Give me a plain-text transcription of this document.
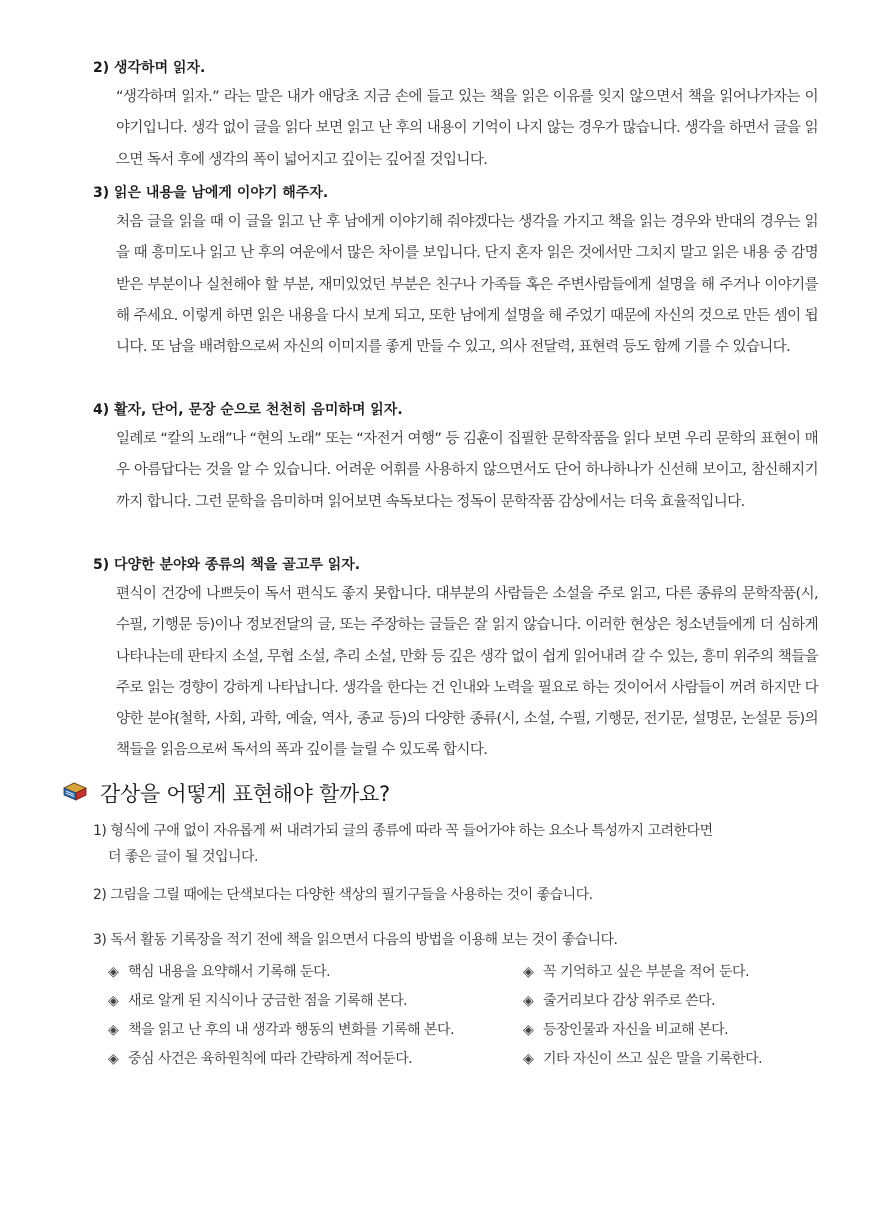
2) 생각하며 읽자.

“생각하며 읽자.” 라는 말은 내가 애당초 지금 손에 들고 있는 책을 읽은 이유를 잊지 않으면서 책을 읽어나가자는 이야기입니다. 생각 없이 글을 읽다 보면 읽고 난 후의 내용이 기억이 나지 않는 경우가 많습니다. 생각을 하면서 글을 읽으면 독서 후에 생각의 폭이 넓어지고 깊이는 깊어질 것입니다.

3) 읽은 내용을 남에게 이야기 해주자.

처음 글을 읽을 때 이 글을 읽고 난 후 남에게 이야기해 줘야겠다는 생각을 가지고 책을 읽는 경우와 반대의 경우는 읽을 때 흥미도나 읽고 난 후의 여운에서 많은 차이를 보입니다. 단지 혼자 읽은 것에서만 그치지 말고 읽은 내용 중 감명 받은 부분이나 실천해야 할 부분, 재미있었던 부분은 친구나 가족들 혹은 주변사람들에게 설명을 해 주거나 이야기를 해 주세요. 이렇게 하면 읽은 내용을 다시 보게 되고, 또한 남에게 설명을 해 주었기 때문에 자신의 것으로 만든 셈이 됩니다. 또 남을 배려함으로써 자신의 이미지를 좋게 만들 수 있고, 의사 전달력, 표현력 등도 함께 기를 수 있습니다.

4) 활자, 단어, 문장 순으로 천천히 음미하며 읽자.

일례로 “칼의 노래”나 “현의 노래” 또는 “자전거 여행” 등 김훈이 집필한 문학작품을 읽다 보면 우리 문학의 표현이 매우 아름답다는 것을 알 수 있습니다. 어려운 어휘를 사용하지 않으면서도 단어 하나하나가 신선해 보이고, 참신해지기까지 합니다. 그런 문학을 음미하며 읽어보면 속독보다는 정독이 문학작품 감상에서는 더욱 효율적입니다.

5) 다양한 분야와 종류의 책을 골고루 읽자.

편식이 건강에 나쁘듯이 독서 편식도 좋지 못합니다. 대부분의 사람들은 소설을 주로 읽고, 다른 종류의 문학작품(시, 수필, 기행문 등)이나 정보전달의 글, 또는 주장하는 글들은 잘 읽지 않습니다. 이러한 현상은 청소년들에게 더 심하게 나타나는데 판타지 소설, 무협 소설, 추리 소설, 만화 등 깊은 생각 없이 쉽게 읽어내려 갈 수 있는, 흥미 위주의 책들을 주로 읽는 경향이 강하게 나타납니다. 생각을 한다는 건 인내와 노력을 필요로 하는 것이어서 사람들이 꺼려 하지만 다양한 분야(철학, 사회, 과학, 예술, 역사, 종교 등)의 다양한 종류(시, 소설, 수필, 기행문, 전기문, 설명문, 논설문 등)의 책들을 읽음으로써 독서의 폭과 깊이를 늘릴 수 있도록 합시다.

감상을 어떻게 표현해야 할까요?
1) 형식에 구애 없이 자유롭게 써 내려가되 글의 종류에 따라 꼭 들어가야 하는 요소나 특성까지 고려한다면
더 좋은 글이 될 것입니다.
2) 그림을 그릴 때에는 단색보다는 다양한 색상의 필기구들을 사용하는 것이 좋습니다.
3) 독서 활동 기록장을 적기 전에 책을 읽으면서 다음의 방법을 이용해 보는 것이 좋습니다.
◈ 핵심 내용을 요약해서 기록해 둔다.	◈ 꼭 기억하고 싶은 부분을 적어 둔다.
◈ 새로 알게 된 지식이나 궁금한 점을 기록해 본다.	◈ 줄거리보다 감상 위주로 쓴다.
◈ 책을 읽고 난 후의 내 생각과 행동의 변화를 기록해 본다.	◈ 등장인물과 자신을 비교해 본다.
◈ 중심 사건은 육하원칙에 따라 간략하게 적어둔다.	◈ 기타 자신이 쓰고 싶은 말을 기록한다.
